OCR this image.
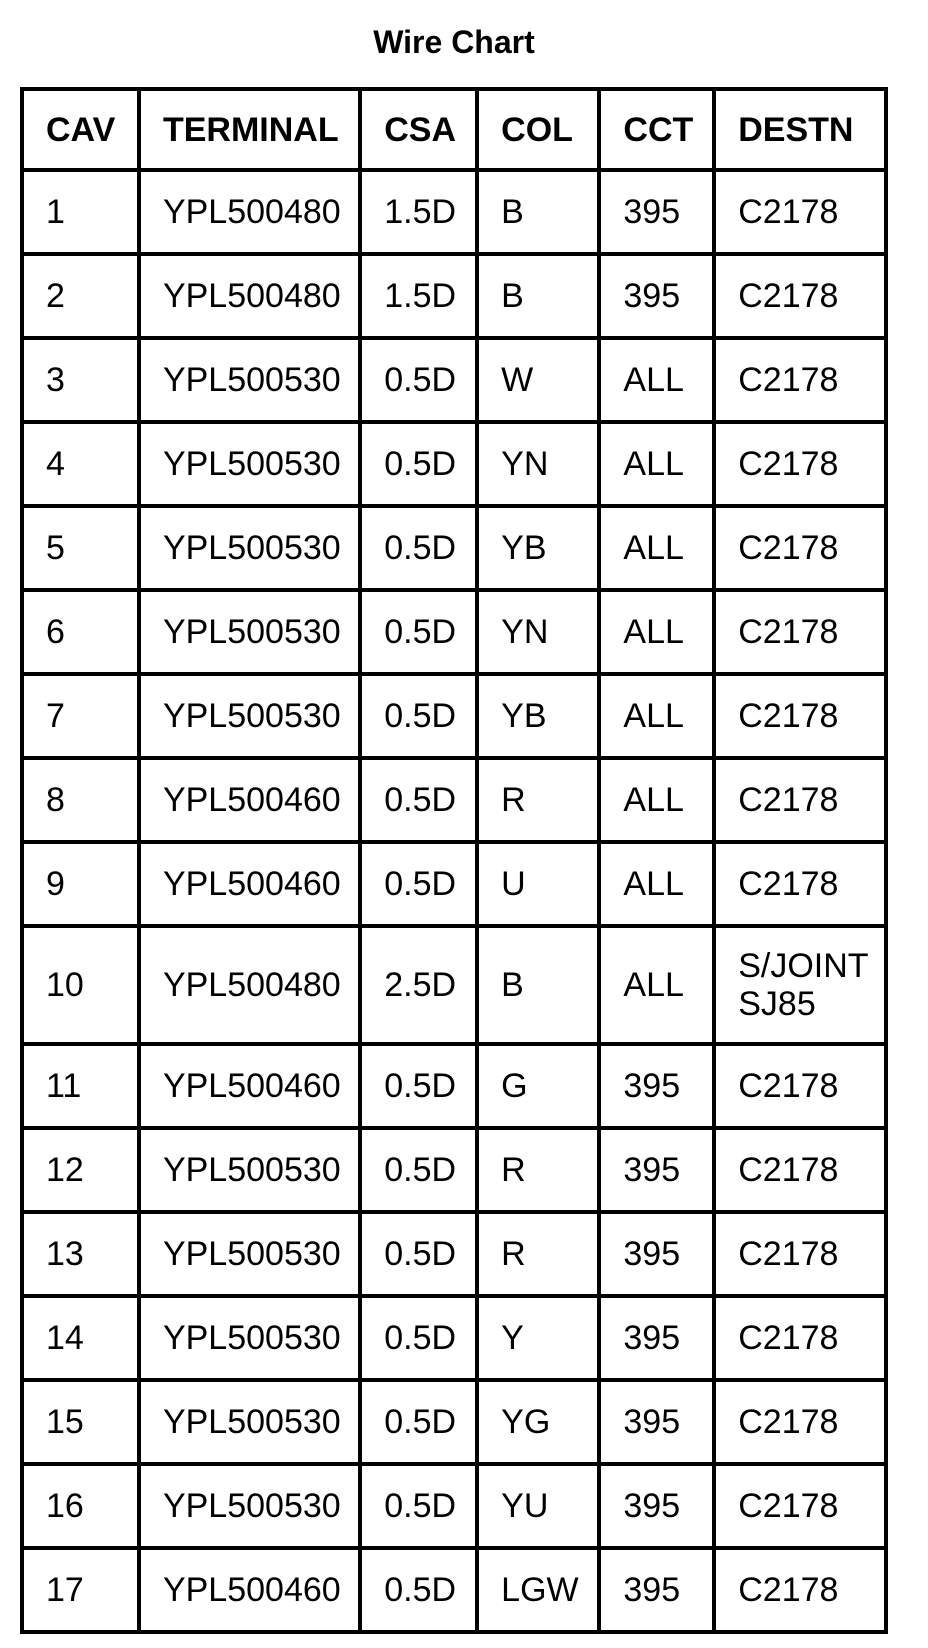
Wire Chart
CAV	TERMINAL	CSA	COL	CCT	DESTN
1	YPL500480	1.5D	B	395	C2178
2	YPL500480	1.5D	B	395	C2178
3	YPL500530	0.5D	W	ALL	C2178
4	YPL500530	0.5D	YN	ALL	C2178
5	YPL500530	0.5D	YB	ALL	C2178
6	YPL500530	0.5D	YN	ALL	C2178
7	YPL500530	0.5D	YB	ALL	C2178
8	YPL500460	0.5D	R	ALL	C2178
9	YPL500460	0.5D	U	ALL	C2178
10	YPL500480	2.5D	B	ALL	S/JOINT
SJ85
11	YPL500460	0.5D	G	395	C2178
12	YPL500530	0.5D	R	395	C2178
13	YPL500530	0.5D	R	395	C2178
14	YPL500530	0.5D	Y	395	C2178
15	YPL500530	0.5D	YG	395	C2178
16	YPL500530	0.5D	YU	395	C2178
17	YPL500460	0.5D	LGW	395	C2178
